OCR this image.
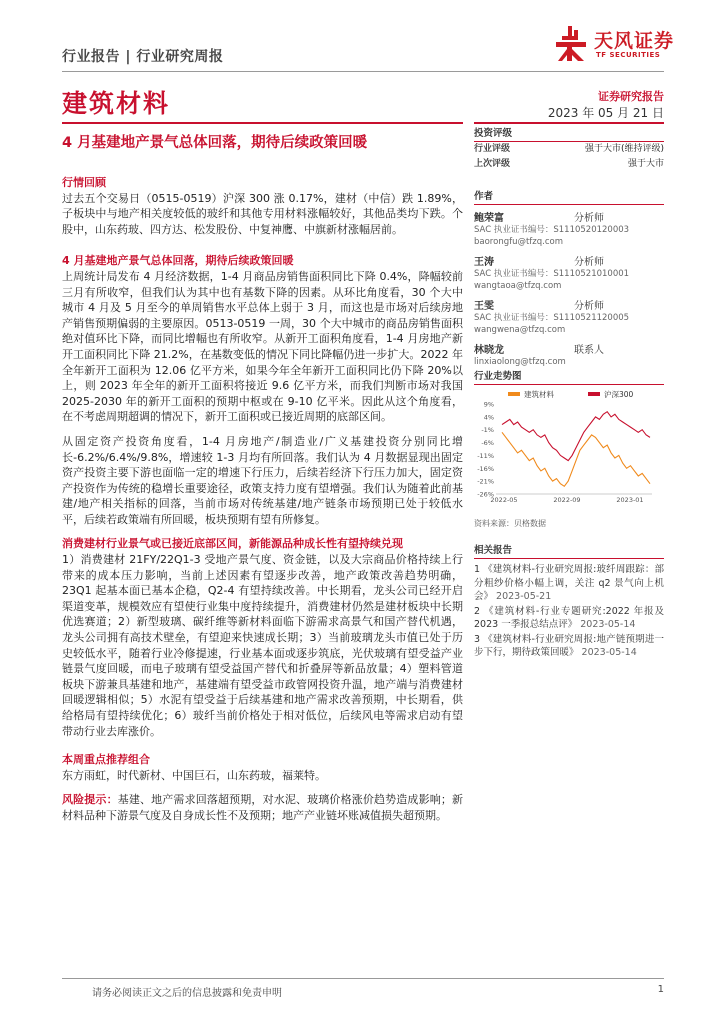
行业报告 | 行业研究周报
天风证券
TF SECURITIES
建筑材料	证券研究报告
2023 年 05 月 21 日
4 月基建地产景气总体回落，期待后续政策回暖
行情回顾

过去五个交易日（0515-0519）沪深 300 涨 0.17%，建材（中信）跌 1.89%，子板块中与地产相关度较低的玻纤和其他专用材料涨幅较好，其他品类均下跌。个股中，山东药玻、四方达、松发股份、中复神鹰、中旗新材涨幅居前。

4 月基建地产景气总体回落，期待后续政策回暖

上周统计局发布 4 月经济数据，1-4 月商品房销售面积同比下降 0.4%，降幅较前三月有所收窄，但我们认为其中也有基数下降的因素。从环比角度看，30 个大中城市 4 月及 5 月至今的单周销售水平总体上弱于 3 月，而这也是市场对后续房地产销售预期偏弱的主要原因。0513-0519 一周，30 个大中城市的商品房销售面积绝对值环比下降，而同比增幅也有所收窄。从新开工面积角度看，1-4 月房地产新开工面积同比下降 21.2%，在基数变低的情况下同比降幅仍进一步扩大。2022 年全年新开工面积为 12.06 亿平方米，如果今年全年新开工面积同比仍下降 20%以上，则 2023 年全年的新开工面积将接近 9.6 亿平方米，而我们判断市场对我国 2025-2030 年的新开工面积的预期中枢或在 9-10 亿平米。因此从这个角度看，在不考虑周期超调的情况下，新开工面积或已接近周期的底部区间。

从固定资产投资角度看，1-4 月房地产/制造业/广义基建投资分别同比增长-6.2%/6.4%/9.8%，增速较 1-3 月均有所回落。我们认为 4 月数据显现出固定资产投资主要下游也面临一定的增速下行压力，后续若经济下行压力加大，固定资产投资作为传统的稳增长重要途径，政策支持力度有望增强。我们认为随着此前基建/地产相关指标的回落，当前市场对传统基建/地产链条市场预期已处于较低水平，后续若政策端有所回暖，板块预期有望有所修复。

消费建材行业景气或已接近底部区间，新能源品种成长性有望持续兑现

1）消费建材 21FY/22Q1-3 受地产景气度、资金链，以及大宗商品价格持续上行带来的成本压力影响，当前上述因素有望逐步改善，地产政策改善趋势明确，23Q1 起基本面已基本企稳，Q2-4 有望持续改善。中长期看，龙头公司已经开启渠道变革，规模效应有望使行业集中度持续提升，消费建材仍然是建材板块中长期优选赛道；2）新型玻璃、碳纤维等新材料面临下游需求高景气和国产替代机遇，龙头公司拥有高技术壁垒，有望迎来快速成长期；3）当前玻璃龙头市值已处于历史较低水平，随着行业冷修提速，行业基本面或逐步筑底，光伏玻璃有望受益产业链景气度回暖，而电子玻璃有望受益国产替代和折叠屏等新品放量；4）塑料管道板块下游兼具基建和地产，基建端有望受益市政管网投资升温，地产端与消费建材回暖逻辑相似；5）水泥有望受益于后续基建和地产需求改善预期，中长期看，供给格局有望持续优化；6）玻纤当前价格处于相对低位，后续风电等需求启动有望带动行业去库涨价。

本周重点推荐组合

东方雨虹，时代新材、中国巨石，山东药玻，福莱特。

风险提示：基建、地产需求回落超预期，对水泥、玻璃价格涨价趋势造成影响；新材料品种下游景气度及自身成长性不及预期；地产产业链坏账减值损失超预期。

投资评级
行业评级	强于大市(维持评级)
上次评级	强于大市
作者
鲍荣富	分析师
SAC 执业证书编号：S1110520120003
baorongfu@tfzq.com
王涛	分析师
SAC 执业证书编号：S1110521010001
wangtaoa@tfzq.com
王雯	分析师
SAC 执业证书编号：S1110521120005
wangwena@tfzq.com
林晓龙	联系人
linxiaolong@tfzq.com
行业走势图
建筑材料	沪深300
9%
4%
-1%
-6%
-11%
-16%
-21%
-26%
2022-05	2022-09	2023-01
资料来源：贝格数据
相关报告
1 《建筑材料-行业研究周报:玻纤周跟踪：部分粗纱价格小幅上调，关注 q2 景气向上机会》 2023-05-21
2 《建筑材料-行业专题研究:2022 年报及 2023 一季报总结点评》 2023-05-14
3 《建筑材料-行业研究周报:地产链预期进一步下行，期待政策回暖》 2023-05-14
请务必阅读正文之后的信息披露和免责申明	1
